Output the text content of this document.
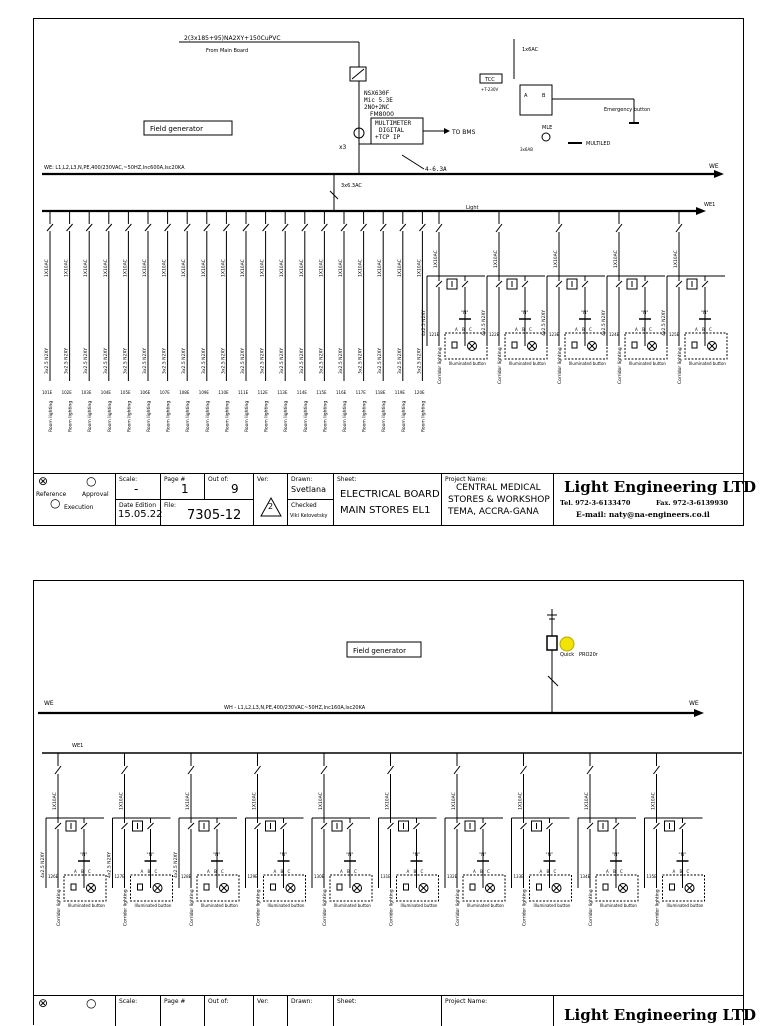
2(3x185+95)NA2XY+150CuPVC
From Main Board
NSX630F
Mic 5.3E
2NO+2NC
FM8000
MULTIMETER
DIGITAL
+TCP IP
TO BMS
x3
4-6.3A
Field generator
WE: L1,L2,L3,N,PE,400/230VAC,~50HZ,Inc600A,Isc20KA	WE
3x6.3AC
1x6AC
TCC
+T-230V
A	B
Emergency button
MLE
MULTILED
3x6AB
Light	WE1
1X10AC
3x2.5 N2XY
101E
Room lighting
1X10AC
3x2.5 N2XY
102E
Room lighting
1X10AC
3x2.5 N2XY
103E
Room lighting
1X10AC
3x2.5 N2XY
104E
Room lighting
1X10AC
3x2.5 N2XY
105E
Room lighting
1X10AC
3x2.5 N2XY
106E
Room lighting
1X10AC
3x2.5 N2XY
107E
Room lighting
1X10AC
3x2.5 N2XY
108E
Room lighting
1X10AC
3x2.5 N2XY
109E
Room lighting
1X10AC
3x2.5 N2XY
110E
Room lighting
1X10AC
3x2.5 N2XY
111E
Room lighting
1X10AC
3x2.5 N2XY
112E
Room lighting
1X10AC
3x2.5 N2XY
113E
Room lighting
1X10AC
3x2.5 N2XY
114E
Room lighting
1X10AC
3x2.5 N2XY
115E
Room lighting
1X10AC
3x2.5 N2XY
116E
Room lighting
1X10AC
3x2.5 N2XY
117E
Room lighting
1X10AC
3x2.5 N2XY
118E
Room lighting
1X10AC
3x2.5 N2XY
119E
Room lighting
1X10AC
3x2.5 N2XY
120E
Room lighting
1X10AC
4x2.5 N2XY	"N"
A B C
121E
Corridor lighting Illuminated button
1X10AC
4x2.5 N2XY	"N"
A B C
122E
Corridor lighting Illuminated button
1X10AC
4x2.5 N2XY	"N"
A B C
123E
Corridor lighting Illuminated button
1X10AC
4x2.5 N2XY	"N"
A B C
124E
Corridor lighting Illuminated button
1X10AC
4x2.5 N2XY	"N"
A B C
125E
Corridor lighting Illuminated button
⊗	○
Reference	Approval
○ Execution
Scale:
-
Date Edition
15.05.22
Page #
1
Out of:
9
File:
7305-12
Ver:
2
Drawn:
Svetlana
Checked
Viki Kelovetsky
Sheet:
ELECTRICAL BOARD
MAIN STORES EL1
Project Name:
CENTRAL MEDICAL
STORES & WORKSHOP
TEMA, ACCRA-GANA
Light Engineering LTD
Tel. 972-3-6133470	Fax. 972-3-6139930
E-mail: naty@na-engineers.co.il
Field generator	Quick PRO20r
WE	WE
WH - L1,L2,L3,N,PE,400/230VAC~50HZ,Inc160A,Isc20KA
WE1
1X10AC
4x2.5 N2XY	"N"
A B C
126E
Corridor lighting Illuminated button
1X10AC
4x2.5 N2XY	"N"
A B C
127E
Corridor lighting Illuminated button
1X10AC
4x2.5 N2XY	"N"
A B C
128E
Corridor lighting Illuminated button
1X10AC
"N"
A B C
129E
Corridor lighting Illuminated button
1X10AC
"N"
A B C
130E
Corridor lighting Illuminated button
1X10AC
"N"
A B C
131E
Corridor lighting Illuminated button
1X10AC
"N"
A B C
132E
Corridor lighting Illuminated button
1X10AC
"N"
A B C
133E
Corridor lighting Illuminated button
1X10AC
"N"
A B C
134E
Corridor lighting Illuminated button
1X10AC
"N"
A B C
135E
Corridor lighting Illuminated button
⊗	○	Scale:	Page #	Out of:	Ver:	Drawn:	Sheet:	Project Name:
Light Engineering LTD
